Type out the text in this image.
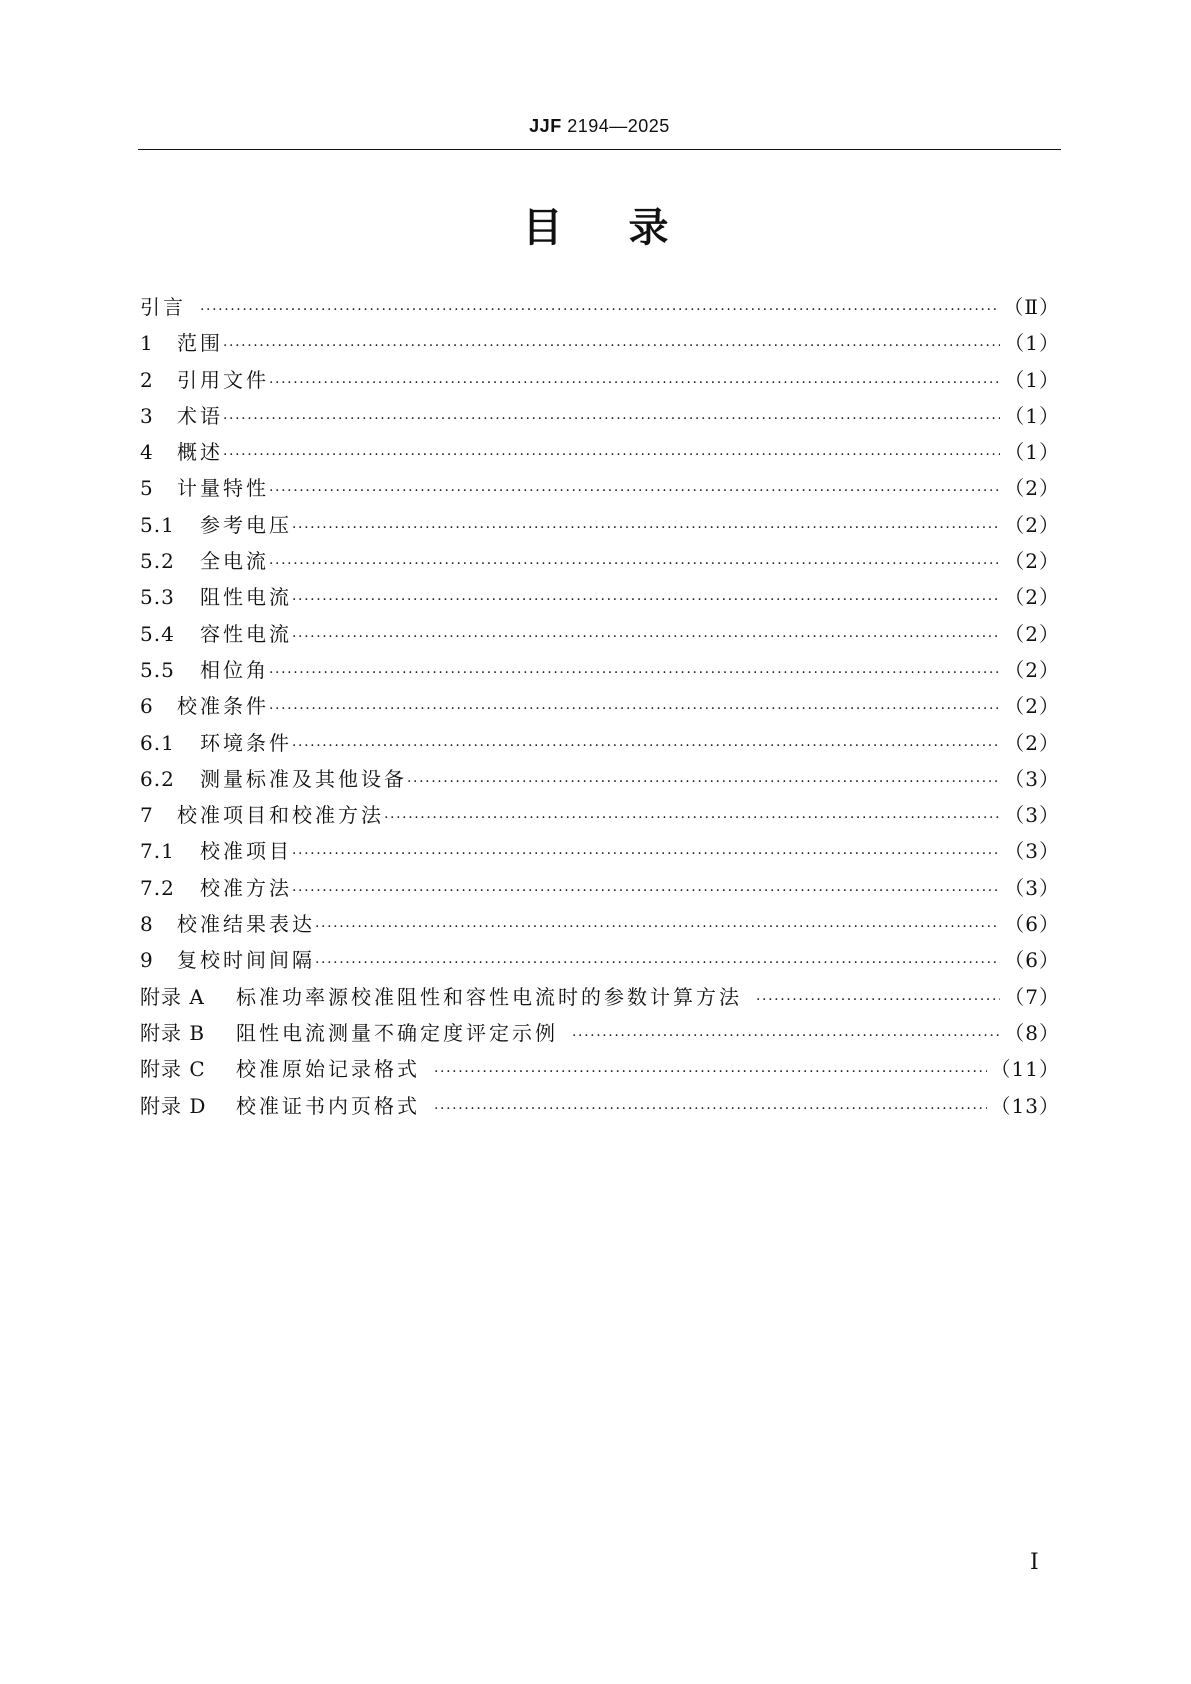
JJF 2194—2025
目录
引言 ·····	（Ⅱ）
1	范围 ·····	（1）
2	引用文件 ·····	（1）
3	术语 ·····	（1）
4	概述 ·····	（1）
5	计量特性 ·····	（2）
5.1	参考电压 ·····	（2）
5.2	全电流 ·····	（2）
5.3	阻性电流 ·····	（2）
5.4	容性电流 ·····	（2）
5.5	相位角 ·····	（2）
6	校准条件 ·····	（2）
6.1	环境条件 ·····	（2）
6.2	测量标准及其他设备 ·····	（3）
7	校准项目和校准方法 ·····	（3）
7.1	校准项目 ·····	（3）
7.2	校准方法 ·····	（3）
8	校准结果表达 ·····	（6）
9	复校时间间隔 ·····	（6）
附录 A	标准功率源校准阻性和容性电流时的参数计算方法 ·····	（7）
附录 B	阻性电流测量不确定度评定示例 ·····	（8）
附录 C	校准原始记录格式 ·····	（11）
附录 D	校准证书内页格式 ·····	（13）
Ⅰ
